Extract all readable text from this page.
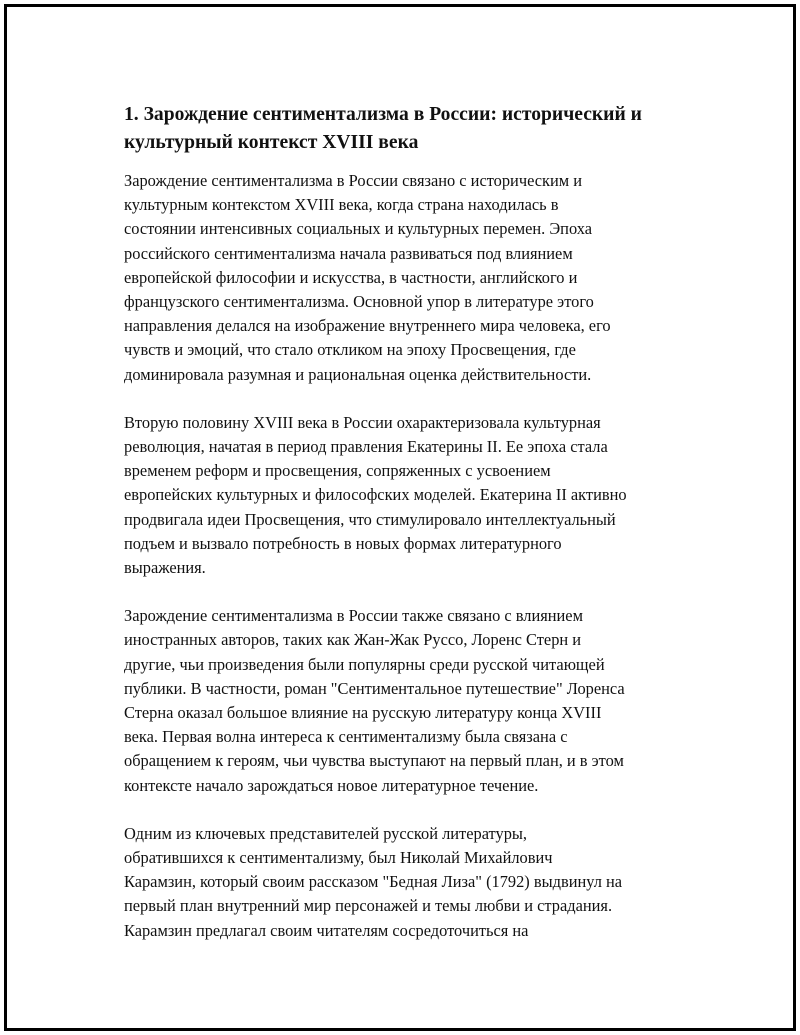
1. Зарождение сентиментализма в России: исторический и
культурный контекст XVIII века

Зарождение сентиментализма в России связано с историческим и
культурным контекстом XVIII века, когда страна находилась в
состоянии интенсивных социальных и культурных перемен. Эпоха
российского сентиментализма начала развиваться под влиянием
европейской философии и искусства, в частности, английского и
французского сентиментализма. Основной упор в литературе этого
направления делался на изображение внутреннего мира человека, его
чувств и эмоций, что стало откликом на эпоху Просвещения, где
доминировала разумная и рациональная оценка действительности.

Вторую половину XVIII века в России охарактеризовала культурная
революция, начатая в период правления Екатерины II. Ее эпоха стала
временем реформ и просвещения, сопряженных с усвоением
европейских культурных и философских моделей. Екатерина II активно
продвигала идеи Просвещения, что стимулировало интеллектуальный
подъем и вызвало потребность в новых формах литературного
выражения.

Зарождение сентиментализма в России также связано с влиянием
иностранных авторов, таких как Жан-Жак Руссо, Лоренс Стерн и
другие, чьи произведения были популярны среди русской читающей
публики. В частности, роман "Сентиментальное путешествие" Лоренса
Стерна оказал большое влияние на русскую литературу конца XVIII
века. Первая волна интереса к сентиментализму была связана с
обращением к героям, чьи чувства выступают на первый план, и в этом
контексте начало зарождаться новое литературное течение.

Одним из ключевых представителей русской литературы,
обратившихся к сентиментализму, был Николай Михайлович
Карамзин, который своим рассказом "Бедная Лиза" (1792) выдвинул на
первый план внутренний мир персонажей и темы любви и страдания.
Карамзин предлагал своим читателям сосредоточиться на
